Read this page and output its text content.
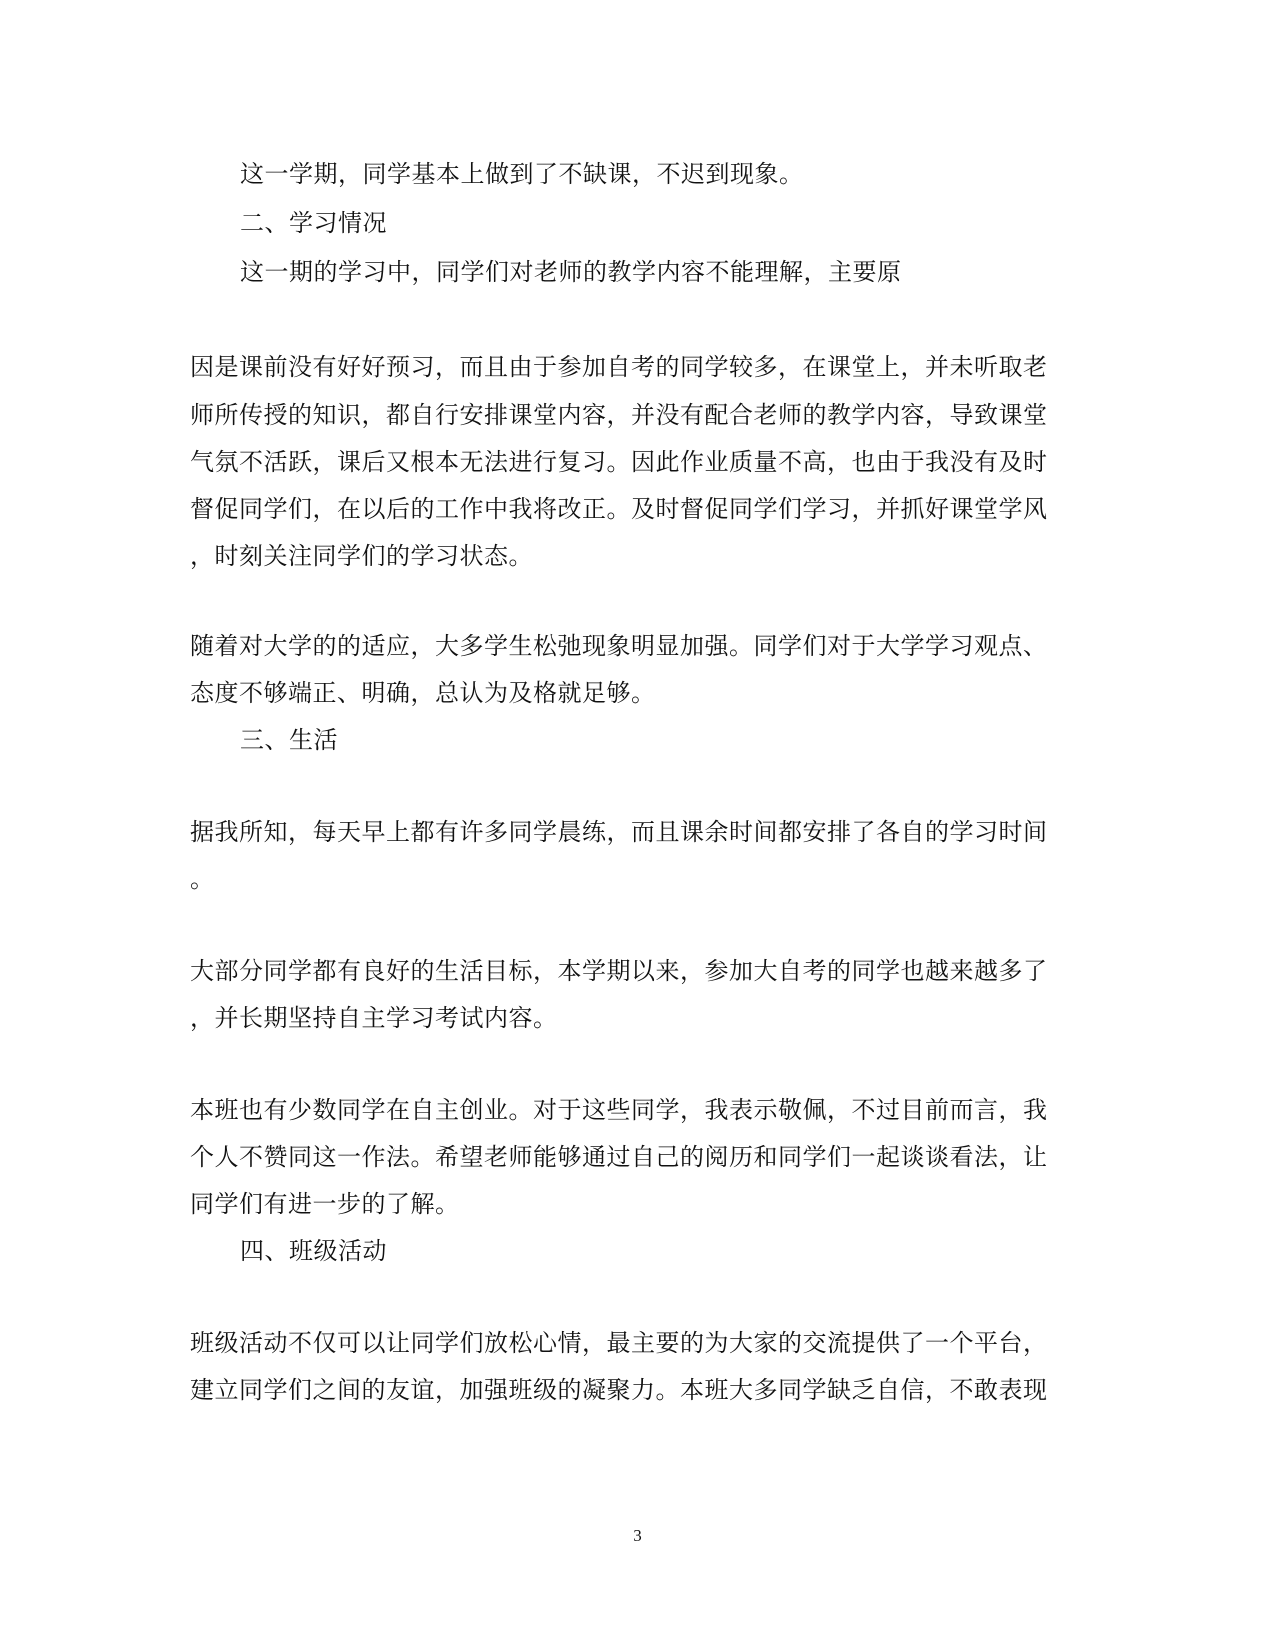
这一学期，同学基本上做到了不缺课，不迟到现象。
二、学习情况
这一期的学习中，同学们对老师的教学内容不能理解，主要原
因是课前没有好好预习，而且由于参加自考的同学较多，在课堂上，并未听取老
师所传授的知识，都自行安排课堂内容，并没有配合老师的教学内容，导致课堂
气氛不活跃，课后又根本无法进行复习。因此作业质量不高，也由于我没有及时
督促同学们，在以后的工作中我将改正。及时督促同学们学习，并抓好课堂学风
，时刻关注同学们的学习状态。
随着对大学的的适应，大多学生松弛现象明显加强。同学们对于大学学习观点、
态度不够端正、明确，总认为及格就足够。
三、生活
据我所知，每天早上都有许多同学晨练，而且课余时间都安排了各自的学习时间
。
大部分同学都有良好的生活目标，本学期以来，参加大自考的同学也越来越多了
，并长期坚持自主学习考试内容。
本班也有少数同学在自主创业。对于这些同学，我表示敬佩，不过目前而言，我
个人不赞同这一作法。希望老师能够通过自己的阅历和同学们一起谈谈看法，让
同学们有进一步的了解。
四、班级活动
班级活动不仅可以让同学们放松心情，最主要的为大家的交流提供了一个平台，
建立同学们之间的友谊，加强班级的凝聚力。本班大多同学缺乏自信，不敢表现
3
